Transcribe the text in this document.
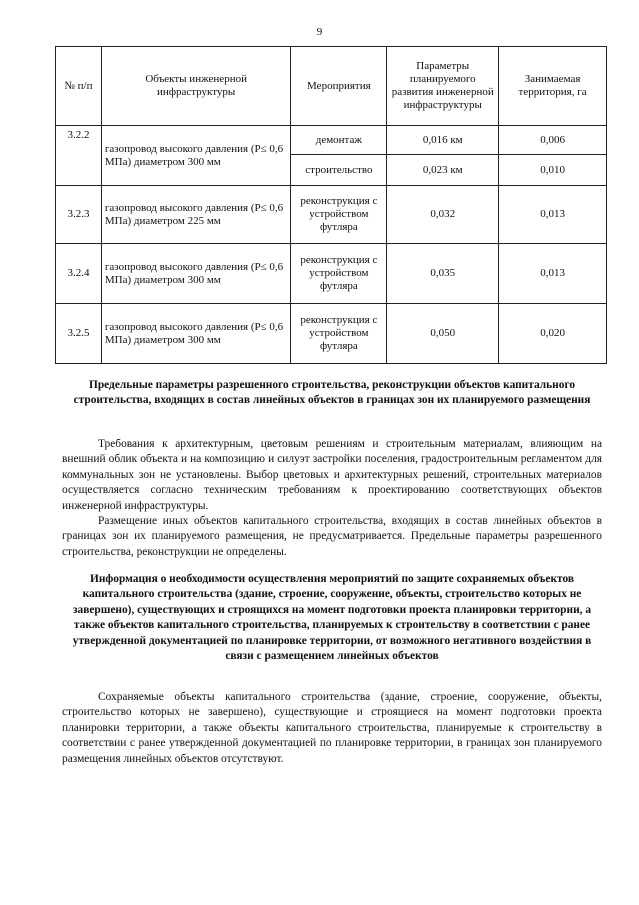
9
№ п/п	Объекты инженерной инфраструктуры	Мероприятия	Параметры планируемого развития инженерной инфраструктуры	Занимаемая территория, га
3.2.2	газопровод высокого давления (P≤ 0,6 МПа) диаметром 300 мм	демонтаж	0,016 км	0,006
		строительство	0,023 км	0,010
3.2.3	газопровод высокого давления (P≤ 0,6 МПа) диаметром 225 мм	реконструкция с устройством футляра	0,032	0,013
3.2.4	газопровод высокого давления (P≤ 0,6 МПа) диаметром 300 мм	реконструкция с устройством футляра	0,035	0,013
3.2.5	газопровод высокого давления (P≤ 0,6 МПа) диаметром 300 мм	реконструкция с устройством футляра	0,050	0,020
Предельные параметры разрешенного строительства, реконструкции объектов капитального строительства, входящих в состав линейных объектов в границах зон их планируемого размещения

Требования к архитектурным, цветовым решениям и строительным материалам, влияющим на внешний облик объекта и на композицию и силуэт застройки поселения, градостроительным регламентом для коммунальных зон не установлены. Выбор цветовых и архитектурных решений, строительных материалов осуществляется согласно техническим требованиям к проектированию соответствующих объектов инженерной инфраструктуры.

Размещение иных объектов капитального строительства, входящих в состав линейных объектов в границах зон их планируемого размещения, не предусматривается. Предельные параметры разрешенного строительства, реконструкции не определены.

Информация о необходимости осуществления мероприятий по защите сохраняемых объектов капитального строительства (здание, строение, сооружение, объекты, строительство которых не завершено), существующих и строящихся на момент подготовки проекта планировки территории, а также объектов капитального строительства, планируемых к строительству в соответствии с ранее утвержденной документацией по планировке территории, от возможного негативного воздействия в связи с размещением линейных объектов

Сохраняемые объекты капитального строительства (здание, строение, сооружение, объекты, строительство которых не завершено), существующие и строящиеся на момент подготовки проекта планировки территории, а также объекты капитального строительства, планируемые к строительству в соответствии с ранее утвержденной документацией по планировке территории, в границах зон планируемого размещения линейных объектов отсутствуют.
